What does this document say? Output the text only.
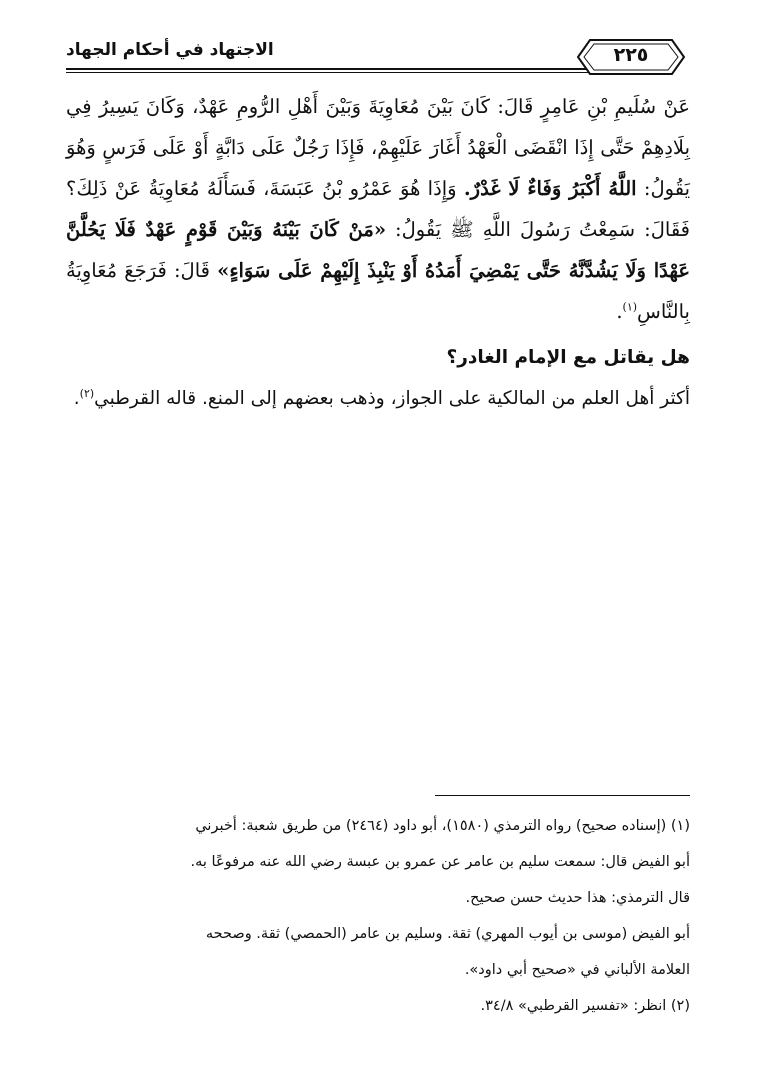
الاجتهاد في أحكام الجهاد	٢٢٥

عَنْ سُلَيمِ بْنِ عَامِرٍ قَالَ: كَانَ بَيْنَ مُعَاوِيَةَ وَبَيْنَ أَهْلِ الرُّومِ عَهْدٌ، وَكَانَ يَسِيرُ فِي بِلَادِهِمْ حَتَّى إِذَا انْقَضَى الْعَهْدُ أَغَارَ عَلَيْهِمْ، فَإِذَا رَجُلٌ عَلَى دَابَّةٍ أَوْ عَلَى فَرَسٍ وَهُوَ يَقُولُ: اللَّهُ أَكْبَرُ وَفَاءٌ لَا غَدْرٌ. وَإِذَا هُوَ عَمْرُو بْنُ عَبَسَةَ، فَسَأَلَهُ مُعَاوِيَةُ عَنْ ذَلِكَ؟ فَقَالَ: سَمِعْتُ رَسُولَ اللَّهِ ﷺ يَقُولُ: «مَنْ كَانَ بَيْنَهُ وَبَيْنَ قَوْمٍ عَهْدٌ فَلَا يَحُلَّنَّ عَهْدًا وَلَا يَشُدَّنَّهُ حَتَّى يَمْضِيَ أَمَدُهُ أَوْ يَنْبِذَ إِلَيْهِمْ عَلَى سَوَاءٍ» قَالَ: فَرَجَعَ مُعَاوِيَةُ بِالنَّاسِ$^{(١)}$.

هل يقاتل مع الإمام الغادر؟

أكثر أهل العلم من المالكية على الجواز، وذهب بعضهم إلى المنع. قاله القرطبي$^{(٢)}$.

(١) (إسناده صحيح) رواه الترمذي (١٥٨٠)، أبو داود (٢٤٦٤) من طريق شعبة: أخبرني

أبو الفيض قال: سمعت سليم بن عامر عن عمرو بن عبسة رضي الله عنه مرفوعًا به.

قال الترمذي: هذا حديث حسن صحيح.

أبو الفيض (موسى بن أيوب المهري) ثقة. وسليم بن عامر (الحمصي) ثقة. وصححه

العلامة الألباني في «صحيح أبي داود».

(٢) انظر: «تفسير القرطبي» ٣٤/٨.
